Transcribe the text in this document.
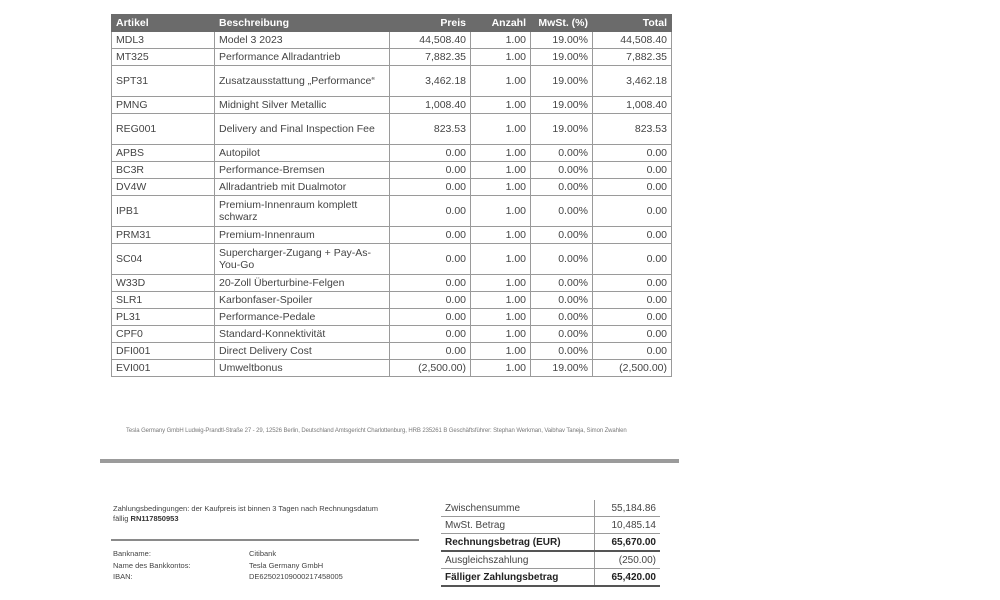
Artikel	Beschreibung	Preis	Anzahl	MwSt. (%)	Total
MDL3	Model 3 2023	44,508.40	1.00	19.00%	44,508.40
MT325	Performance Allradantrieb	7,882.35	1.00	19.00%	7,882.35
SPT31	Zusatzausstattung „Performance“	3,462.18	1.00	19.00%	3,462.18
PMNG	Midnight Silver Metallic	1,008.40	1.00	19.00%	1,008.40
REG001	Delivery and Final Inspection Fee	823.53	1.00	19.00%	823.53
APBS	Autopilot	0.00	1.00	0.00%	0.00
BC3R	Performance-Bremsen	0.00	1.00	0.00%	0.00
DV4W	Allradantrieb mit Dualmotor	0.00	1.00	0.00%	0.00
IPB1	Premium-Innenraum komplett schwarz	0.00	1.00	0.00%	0.00
PRM31	Premium-Innenraum	0.00	1.00	0.00%	0.00
SC04	Supercharger-Zugang + Pay-As-You-Go	0.00	1.00	0.00%	0.00
W33D	20-Zoll Überturbine-Felgen	0.00	1.00	0.00%	0.00
SLR1	Karbonfaser-Spoiler	0.00	1.00	0.00%	0.00
PL31	Performance-Pedale	0.00	1.00	0.00%	0.00
CPF0	Standard-Konnektivität	0.00	1.00	0.00%	0.00
DFI001	Direct Delivery Cost	0.00	1.00	0.00%	0.00
EVI001	Umweltbonus	(2,500.00)	1.00	19.00%	(2,500.00)
Tesla Germany GmbH Ludwig-Prandtl-Straße 27 - 29, 12526 Berlin, Deutschland Amtsgericht Charlottenburg, HRB 235261 B Geschäftsführer: Stephan Werkman, Vaibhav Taneja, Simon Zwahlen
Zahlungsbedingungen: der Kaufpreis ist binnen 3 Tagen nach Rechnungsdatum fällig RN117850953
Bankname:	Citibank
Name des Bankkontos:	Tesla Germany GmbH
IBAN:	DE62502109000217458005
Zwischensumme	55,184.86
MwSt. Betrag	10,485.14
Rechnungsbetrag (EUR)	65,670.00
Ausgleichszahlung	(250.00)
Fälliger Zahlungsbetrag	65,420.00
